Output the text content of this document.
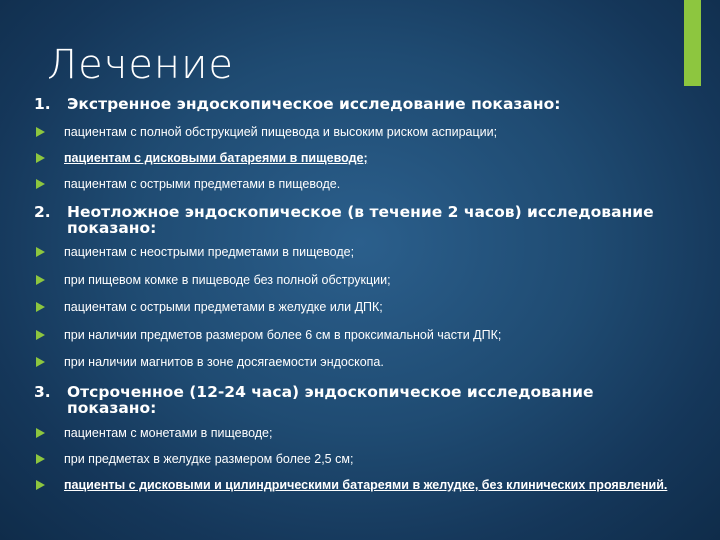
Лечение
1.	Экстренное эндоскопическое исследование показано:
пациентам с полной обструкцией пищевода и высоким риском аспирации;
пациентам с дисковыми батареями в пищеводе;
пациентам с острыми предметами в пищеводе.
2.	Неотложное эндоскопическое (в течение 2 часов) исследование показано:
пациентам с неострыми предметами в пищеводе;
при пищевом комке в пищеводе без полной обструкции;
пациентам с острыми предметами в желудке или ДПК;
при наличии предметов размером более 6 см в проксимальной части ДПК;
при наличии магнитов в зоне досягаемости эндоскопа.
3.	Отсроченное (12-24 часа) эндоскопическое исследование показано:
пациентам с монетами в пищеводе;
при предметах в желудке размером более 2,5 см;
пациенты с дисковыми и цилиндрическими батареями в желудке, без клинических проявлений.
